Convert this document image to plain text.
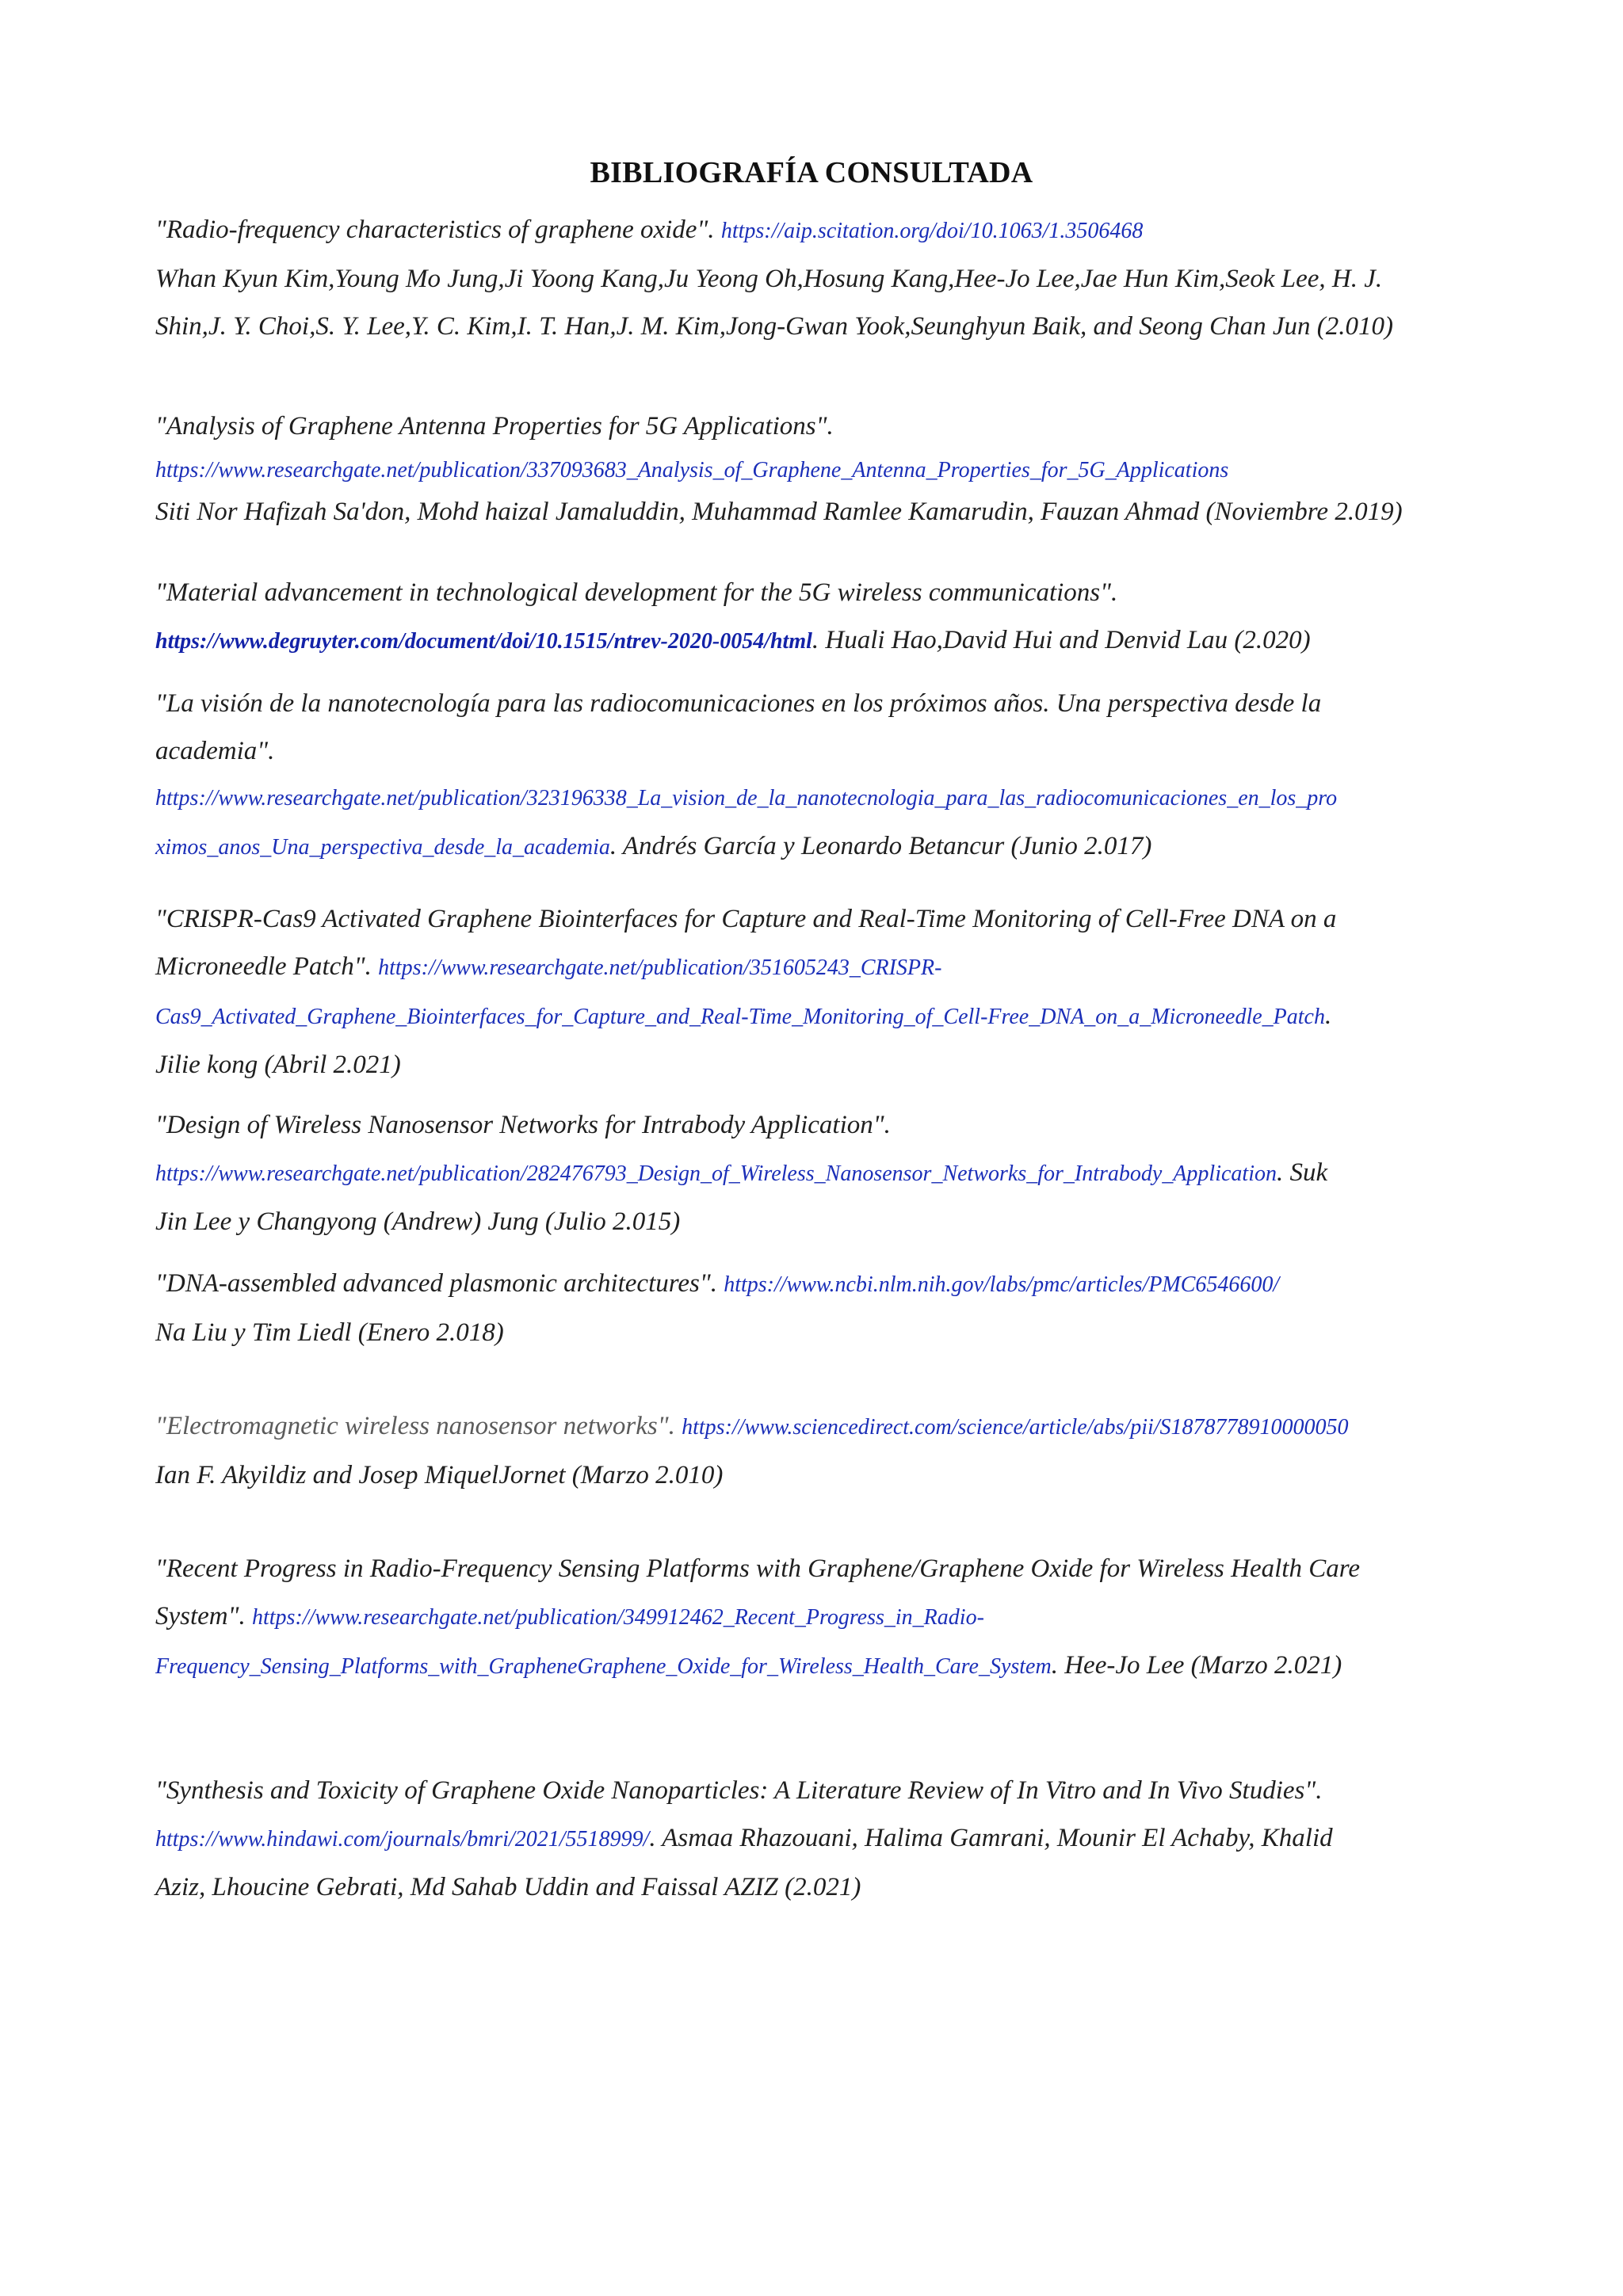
BIBLIOGRAFÍA CONSULTADA
"Radio-frequency characteristics of graphene oxide". https://aip.scitation.org/doi/10.1063/1.3506468
Whan Kyun Kim,Young Mo Jung,Ji Yoong Kang,Ju Yeong Oh,Hosung Kang,Hee-Jo Lee,Jae Hun Kim,Seok Lee, H. J.
Shin,J. Y. Choi,S. Y. Lee,Y. C. Kim,I. T. Han,J. M. Kim,Jong-Gwan Yook,Seunghyun Baik, and Seong Chan Jun (2.010)
"Analysis of Graphene Antenna Properties for 5G Applications".
https://www.researchgate.net/publication/337093683_Analysis_of_Graphene_Antenna_Properties_for_5G_Applications
Siti Nor Hafizah Sa'don, Mohd haizal Jamaluddin, Muhammad Ramlee Kamarudin, Fauzan Ahmad (Noviembre 2.019)
"Material advancement in technological development for the 5G wireless communications".
https://www.degruyter.com/document/doi/10.1515/ntrev-2020-0054/html. Huali Hao,David Hui and Denvid Lau (2.020)
"La visión de la nanotecnología para las radiocomunicaciones en los próximos años. Una perspectiva desde la
academia".
https://www.researchgate.net/publication/323196338_La_vision_de_la_nanotecnologia_para_las_radiocomunicaciones_en_los_pro
ximos_anos_Una_perspectiva_desde_la_academia. Andrés García y Leonardo Betancur (Junio 2.017)
"CRISPR-Cas9 Activated Graphene Biointerfaces for Capture and Real-Time Monitoring of Cell-Free DNA on a
Microneedle Patch". https://www.researchgate.net/publication/351605243_CRISPR-
Cas9_Activated_Graphene_Biointerfaces_for_Capture_and_Real-Time_Monitoring_of_Cell-Free_DNA_on_a_Microneedle_Patch.
Jilie kong (Abril 2.021)
"Design of Wireless Nanosensor Networks for Intrabody Application".
https://www.researchgate.net/publication/282476793_Design_of_Wireless_Nanosensor_Networks_for_Intrabody_Application. Suk
Jin Lee y Changyong (Andrew) Jung (Julio 2.015)
"DNA-assembled advanced plasmonic architectures". https://www.ncbi.nlm.nih.gov/labs/pmc/articles/PMC6546600/
Na Liu y Tim Liedl (Enero 2.018)
"Electromagnetic wireless nanosensor networks". https://www.sciencedirect.com/science/article/abs/pii/S1878778910000050
Ian F. Akyildiz and Josep MiquelJornet (Marzo 2.010)
"Recent Progress in Radio-Frequency Sensing Platforms with Graphene/Graphene Oxide for Wireless Health Care
System". https://www.researchgate.net/publication/349912462_Recent_Progress_in_Radio-
Frequency_Sensing_Platforms_with_GrapheneGraphene_Oxide_for_Wireless_Health_Care_System. Hee-Jo Lee (Marzo 2.021)
"Synthesis and Toxicity of Graphene Oxide Nanoparticles: A Literature Review of In Vitro and In Vivo Studies".
https://www.hindawi.com/journals/bmri/2021/5518999/. Asmaa Rhazouani, Halima Gamrani, Mounir El Achaby, Khalid
Aziz, Lhoucine Gebrati, Md Sahab Uddin and Faissal AZIZ (2.021)
